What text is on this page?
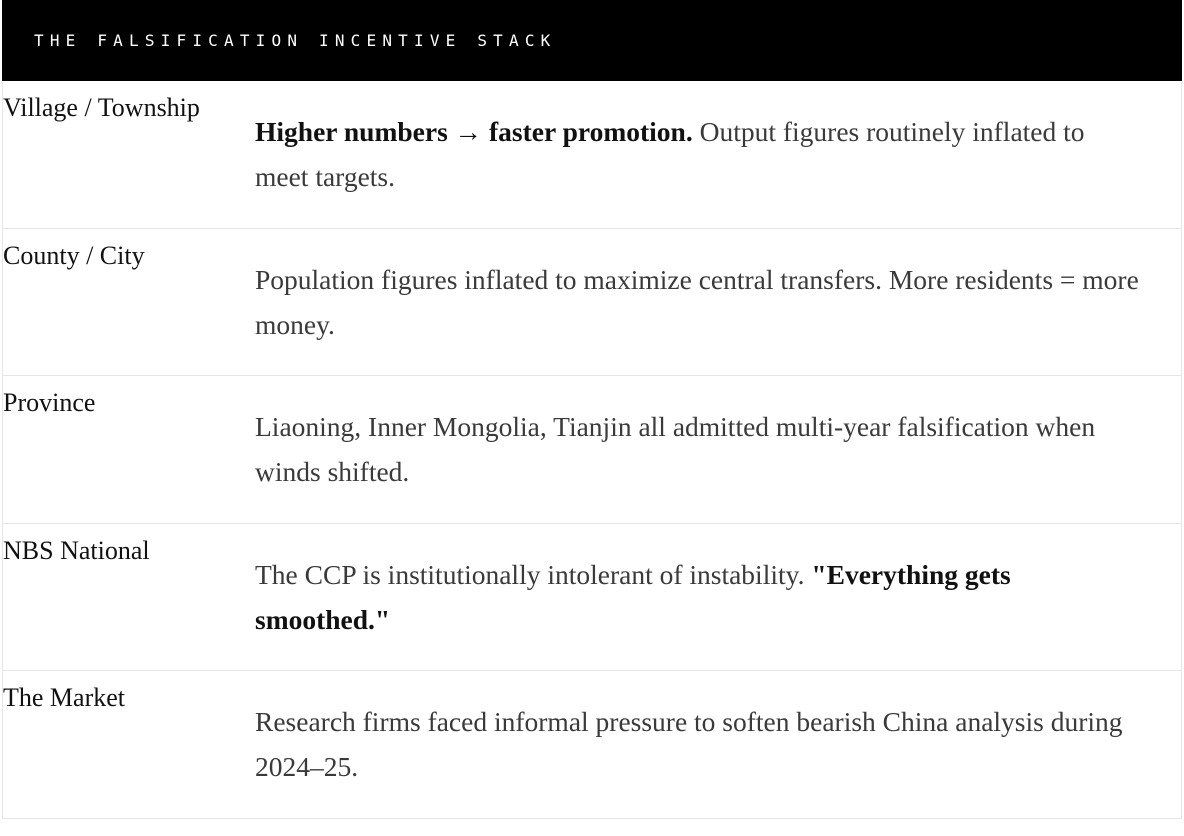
THE FALSIFICATION INCENTIVE STACK
Village / Township
Higher numbers → faster promotion. Output figures routinely inflated to meet targets.
County / City
Population figures inflated to maximize central transfers. More residents = more money.
Province
Liaoning, Inner Mongolia, Tianjin all admitted multi-year falsification when winds shifted.
NBS National
The CCP is institutionally intolerant of instability. "Everything gets smoothed."
The Market
Research firms faced informal pressure to soften bearish China analysis during 2024–25.
